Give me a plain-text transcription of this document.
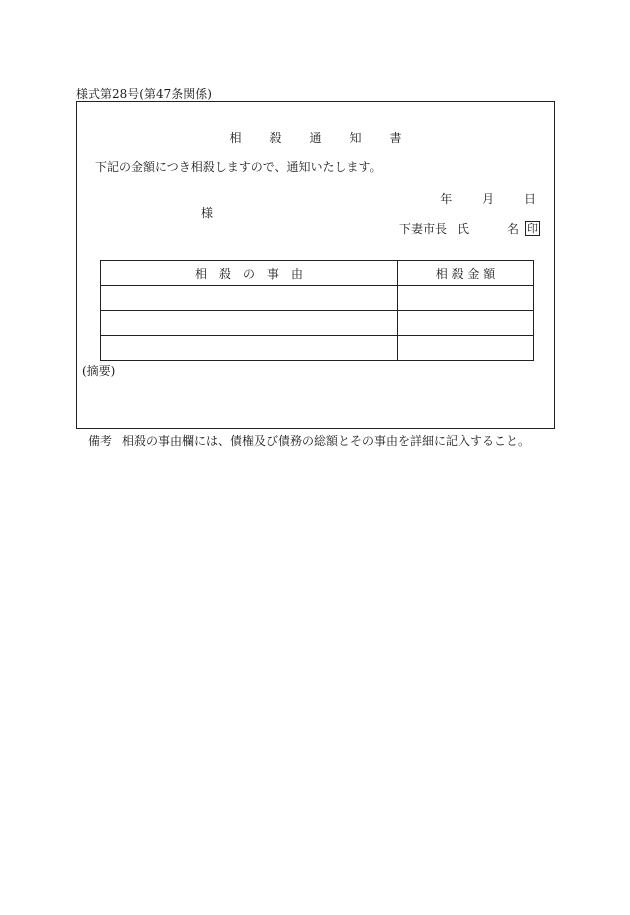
様式第28号(第47条関係)
相 殺 通 知 書
下記の金額につき相殺しますので、通知いたします。
年 月 日
様
下妻市長 氏	名 印
相　殺　の　事　由	相 殺 金 額

(摘要)
備考 相殺の事由欄には、債権及び債務の総額とその事由を詳細に記入すること。
